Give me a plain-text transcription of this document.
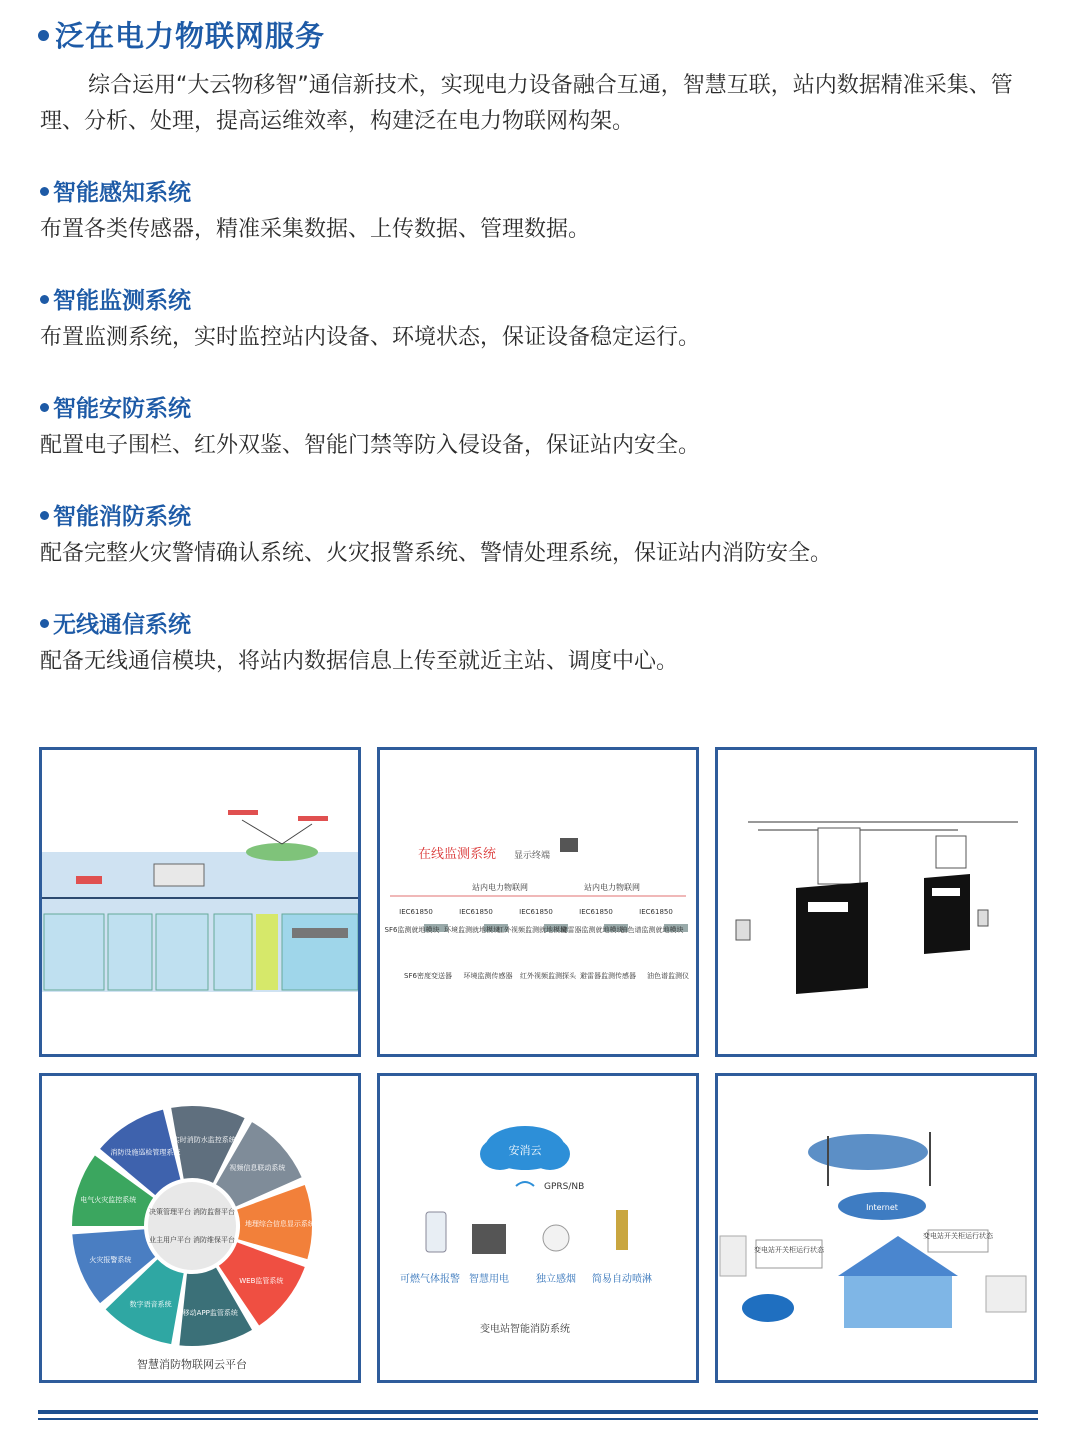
泛在电力物联网服务
综合运用“大云物移智”通信新技术，实现电力设备融合互通，智慧互联，站内数据精准采集、管理、分析、处理，提高运维效率，构建泛在电力物联网构架。
智能感知系统

布置各类传感器，精准采集数据、上传数据、管理数据。

智能监测系统

布置监测系统，实时监控站内设备、环境状态，保证设备稳定运行。

智能安防系统

配置电子围栏、红外双鉴、智能门禁等防入侵设备，保证站内安全。

智能消防系统

配备完整火灾警情确认系统、火灾报警系统、警情处理系统，保证站内消防安全。

无线通信系统

配备无线通信模块，将站内数据信息上传至就近主站、调度中心。

在线监测系统 显示终端
站内电力物联网	站内电力物联网
IEC61850
SF6监测就地模块
SF6密度变送器
IEC61850
环境监测就地模块
环境监测传感器
IEC61850
红外视频监测就地模块
红外视频监测探头
IEC61850
避雷器监测就地模块
避雷器监测传感器
IEC61850
油色谱监测就地模块
油色谱监测仪
智慧消防物联网云平台
实时消防水监控系统
视频信息联动系统
地理综合信息显示系统
WEB监管系统
移动APP监管系统
数字语音系统
火灾报警系统
电气火灾监控系统
消防设施巡检管理系统
决策管理平台 消防监督平台
业主用户平台 消防维保平台
安消云
GPRS/NB
可燃气体报警 智慧用电	独立感烟 简易自动喷淋
变电站智能消防系统
Internet
变电站开关柜运行状态
变电站开关柜运行状态
